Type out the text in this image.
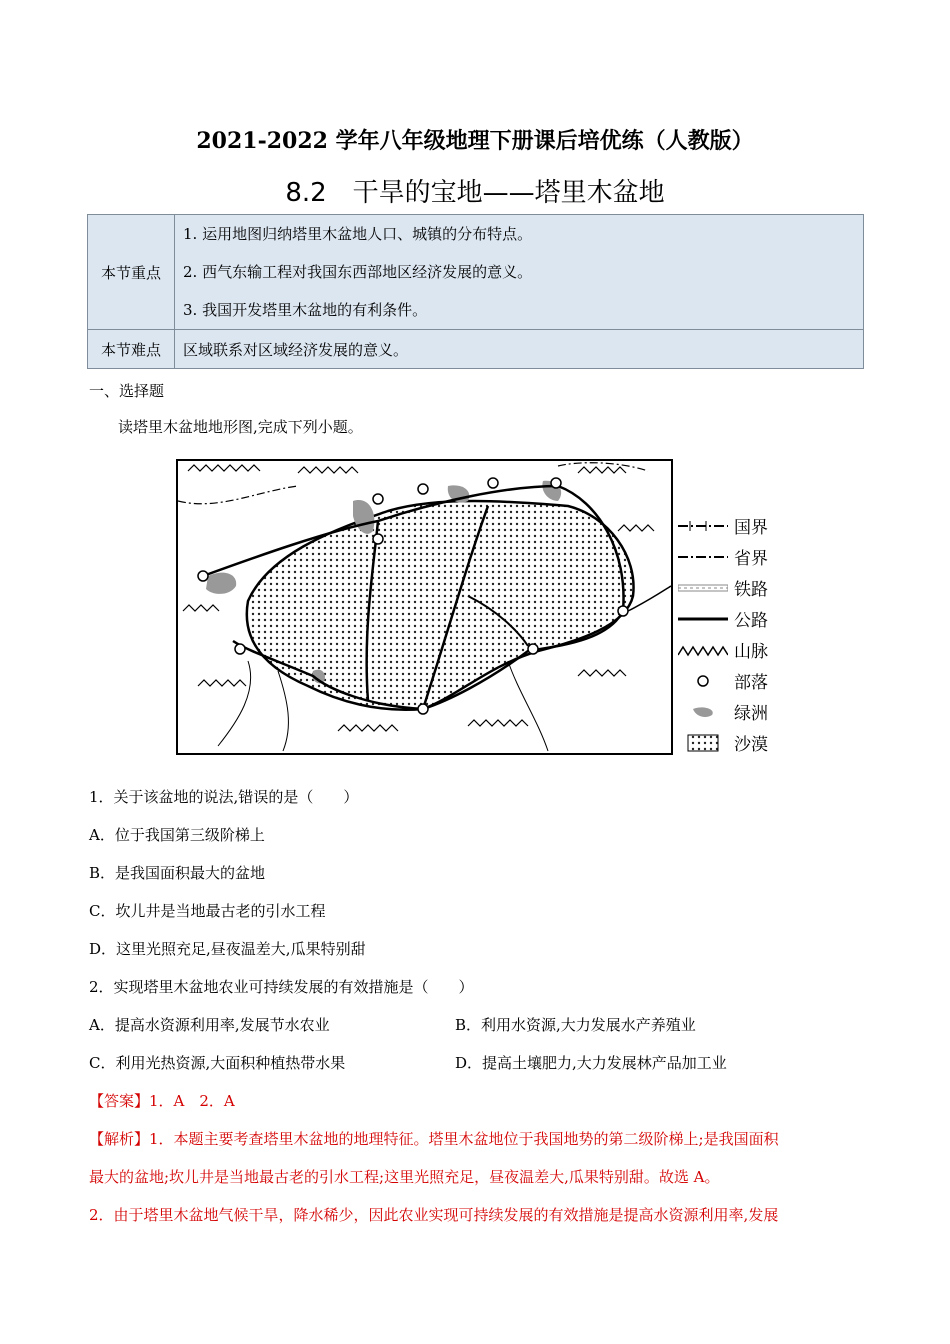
2021-2022 学年八年级地理下册课后培优练（人教版）
8.2　干旱的宝地——塔里木盆地
本节重点	1. 运用地图归纳塔里木盆地人口、城镇的分布特点。
2. 西气东输工程对我国东西部地区经济发展的意义。
3. 我国开发塔里木盆地的有利条件。

本节难点	区域联系对区域经济发展的意义。
一、选择题
读塔里木盆地地形图,完成下列小题。
国界
省界
铁路
公路
山脉
部落
绿洲
沙漠
1．关于该盆地的说法,错误的是（　　）
A．位于我国第三级阶梯上
B．是我国面积最大的盆地
C．坎儿井是当地最古老的引水工程
D．这里光照充足,昼夜温差大,瓜果特别甜
2．实现塔里木盆地农业可持续发展的有效措施是（　　）
A．提高水资源利用率,发展节水农业	B．利用水资源,大力发展水产养殖业
C．利用光热资源,大面积种植热带水果	D．提高土壤肥力,大力发展林产品加工业
【答案】1．A　2．A
【解析】1．本题主要考查塔里木盆地的地理特征。塔里木盆地位于我国地势的第二级阶梯上;是我国面积
最大的盆地;坎儿井是当地最古老的引水工程;这里光照充足，昼夜温差大,瓜果特别甜。故选 A。
2．由于塔里木盆地气候干旱，降水稀少，因此农业实现可持续发展的有效措施是提高水资源利用率,发展
